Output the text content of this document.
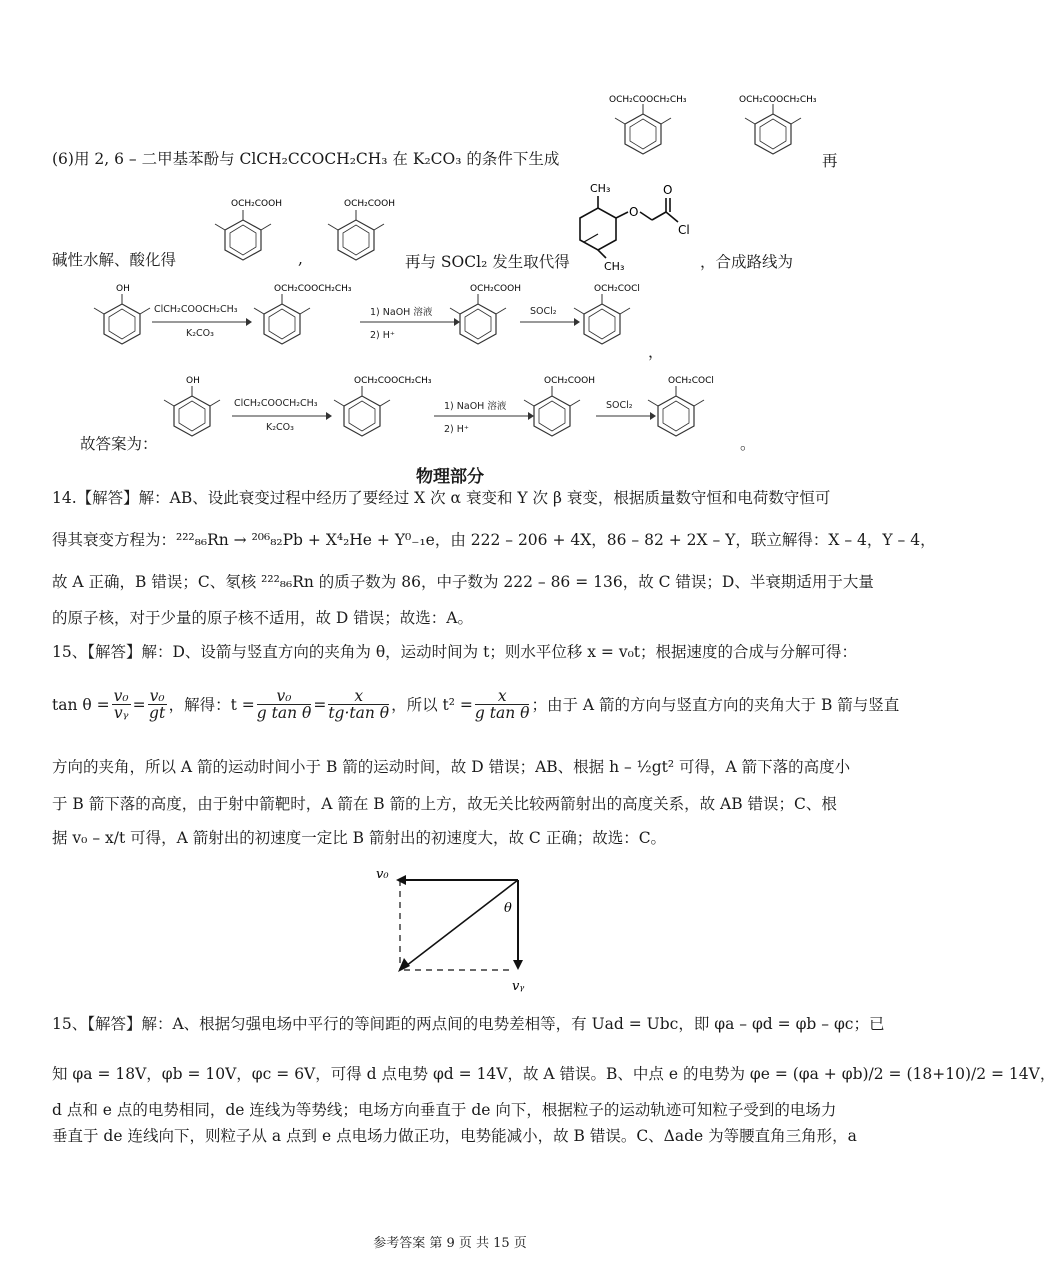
(6)用 2, 6 – 二甲基苯酚与 ClCH₂CCOCH₂CH₃ 在 K₂CO₃ 的条件下生成	再
OCH₂COOCH₂CH₃	OCH₂COOCH₂CH₃
碱性水解、酸化得
OCH₂COOH	OCH₂COOH
,	再与 SOCl₂ 发生取代得
CH₃
O
O
Cl
CH₃	，合成路线为
OH
ClCH₂COOCH₂CH₃
K₂CO₃
OCH₂COOCH₂CH₃
1) NaOH 溶液
2) H⁺
OCH₂COOH
SOCl₂
OCH₂COCl
，
故答案为：
OH
ClCH₂COOCH₂CH₃
K₂CO₃
OCH₂COOCH₂CH₃
1) NaOH 溶液
2) H⁺
OCH₂COOH
SOCl₂
OCH₂COCl
。
物理部分
14.【解答】解：AB、设此衰变过程中经历了要经过 X 次 α 衰变和 Y 次 β 衰变，根据质量数守恒和电荷数守恒可
得其衰变方程为：²²²₈₆Rn → ²⁰⁶₈₂Pb + X⁴₂He + Y⁰₋₁e，由 222 – 206 + 4X，86 – 82 + 2X – Y，联立解得：X – 4，Y – 4，
故 A 正确，B 错误；C、氡核 ²²²₈₆Rn 的质子数为 86，中子数为 222 – 86 = 136，故 C 错误；D、半衰期适用于大量
的原子核，对于少量的原子核不适用，故 D 错误；故选：A。
15、【解答】解：D、设箭与竖直方向的夹角为 θ，运动时间为 t；则水平位移 x = v₀t；根据速度的合成与分解可得：
$\tan \theta = \frac{\text{v₀}}{\text{vᵧ}} = \frac{\text{v₀}}{gt}$ ，解得：$t = \frac{\text{v₀}}{\text{g tan θ}} = \frac{x}{\text{tg·tan θ}}$ ，所以 $t^2 = \frac{x}{\text{g tan θ}}$ ；由于 A 箭的方向与竖直方向的夹角大于 B 箭与竖直
方向的夹角，所以 A 箭的运动时间小于 B 箭的运动时间，故 D 错误；AB、根据 h – ½gt² 可得，A 箭下落的高度小
于 B 箭下落的高度，由于射中箭靶时，A 箭在 B 箭的上方，故无关比较两箭射出的高度关系，故 AB 错误；C、根
据 v₀ – x/t 可得，A 箭射出的初速度一定比 B 箭射出的初速度大，故 C 正确；故选：C。
v₀
θ
vᵧ
15、【解答】解：A、根据匀强电场中平行的等间距的两点间的电势差相等，有 Uad = Ubc，即 φa – φd = φb – φc；已
知 φa = 18V，φb = 10V，φc = 6V，可得 d 点电势 φd = 14V，故 A 错误。B、中点 e 的电势为 φe = (φa + φb)/2 = (18+10)/2 = 14V，
d 点和 e 点的电势相同，de 连线为等势线；电场方向垂直于 de 向下，根据粒子的运动轨迹可知粒子受到的电场力
垂直于 de 连线向下，则粒子从 a 点到 e 点电场力做正功，电势能减小，故 B 错误。C、Δade 为等腰直角三角形，a
参考答案 第 9 页 共 15 页
